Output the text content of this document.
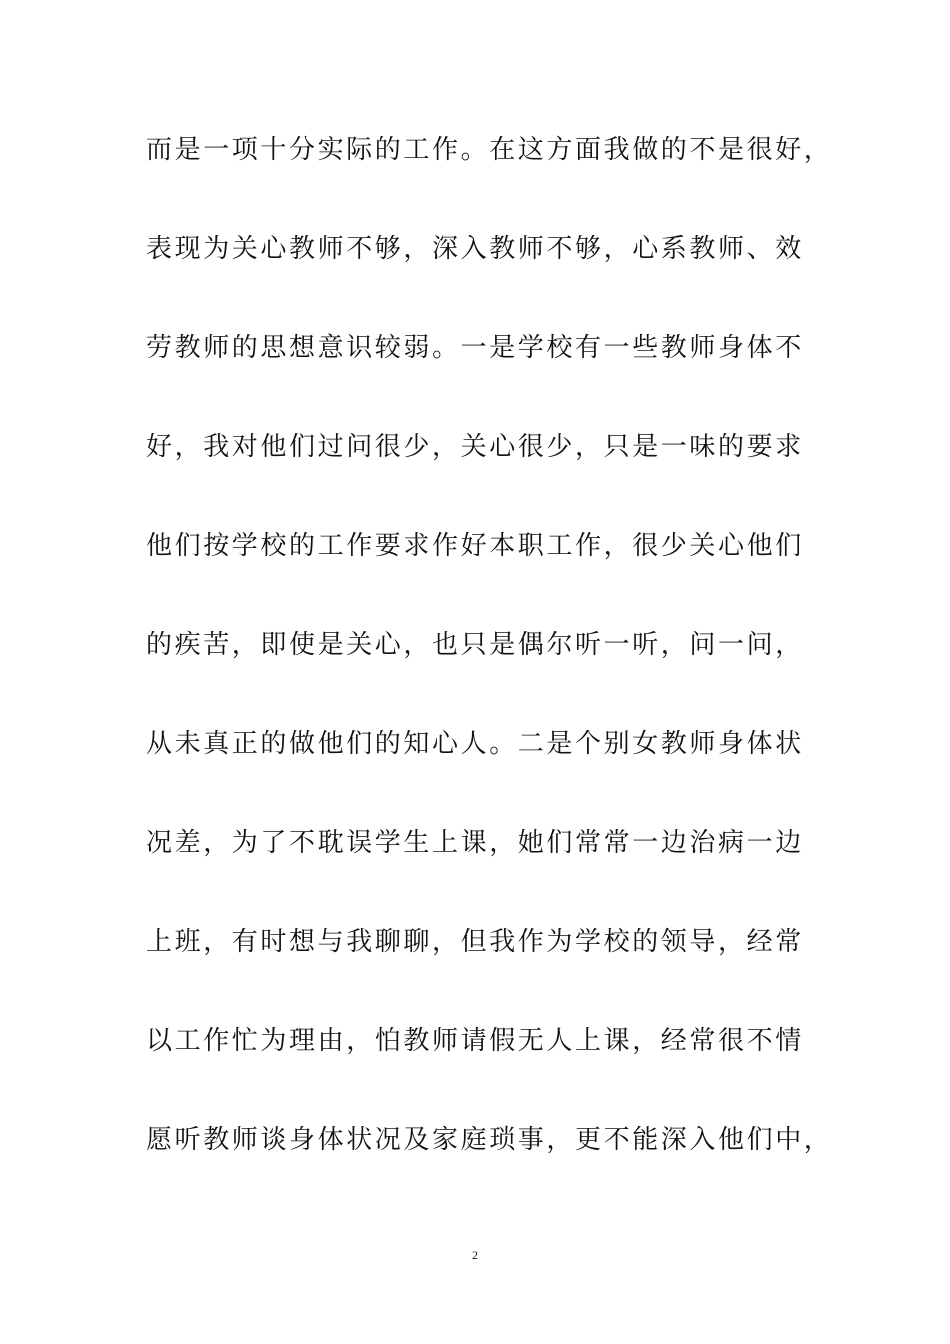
而是一项十分实际的工作。在这方面我做的不是很好，
表现为关心教师不够，深入教师不够，心系教师、效
劳教师的思想意识较弱。一是学校有一些教师身体不
好，我对他们过问很少，关心很少，只是一味的要求
他们按学校的工作要求作好本职工作，很少关心他们
的疾苦，即使是关心，也只是偶尔听一听，问一问，
从未真正的做他们的知心人。二是个别女教师身体状
况差，为了不耽误学生上课，她们常常一边治病一边
上班，有时想与我聊聊，但我作为学校的领导，经常
以工作忙为理由，怕教师请假无人上课，经常很不情
愿听教师谈身体状况及家庭琐事，更不能深入他们中，
2
